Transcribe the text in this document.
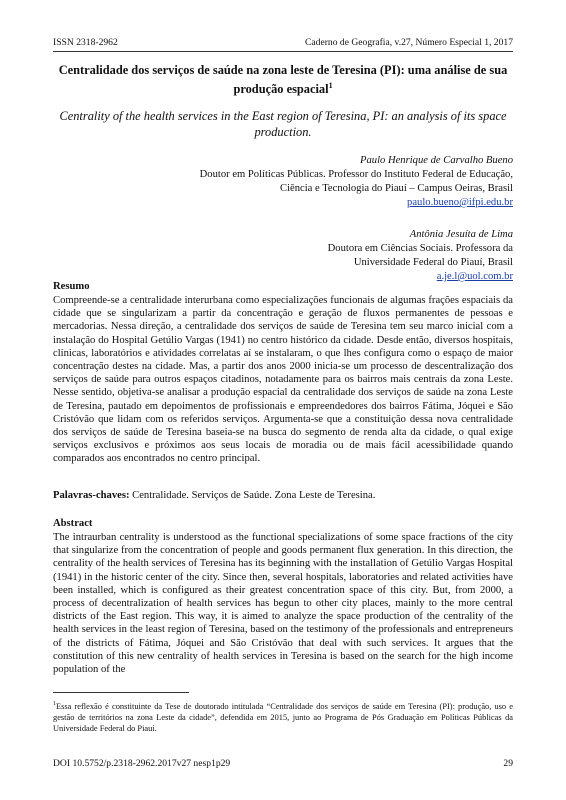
ISSN 2318-2962	Caderno de Geografia, v.27, Número Especial 1, 2017
Centralidade dos serviços de saúde na zona leste de Teresina (PI): uma análise de sua produção espacial$^1$
Centrality of the health services in the East region of Teresina, PI: an analysis of its space production.
Paulo Henrique de Carvalho Bueno
Doutor em Políticas Públicas. Professor do Instituto Federal de Educação,
Ciência e Tecnologia do Piauí – Campus Oeiras, Brasil
paulo.bueno@ifpi.edu.br
Antônia Jesuíta de Lima
Doutora em Ciências Sociais. Professora da
Universidade Federal do Piauí, Brasil
a.je.l@uol.com.br
Resumo
Compreende-se a centralidade interurbana como especializações funcionais de algumas frações espaciais da cidade que se singularizam a partir da concentração e geração de fluxos permanentes de pessoas e mercadorias. Nessa direção, a centralidade dos serviços de saúde de Teresina tem seu marco inicial com a instalação do Hospital Getúlio Vargas (1941) no centro histórico da cidade. Desde então, diversos hospitais, clínicas, laboratórios e atividades correlatas aí se instalaram, o que lhes configura como o espaço de maior concentração destes na cidade. Mas, a partir dos anos 2000 inicia-se um processo de descentralização dos serviços de saúde para outros espaços citadinos, notadamente para os bairros mais centrais da zona Leste. Nesse sentido, objetiva-se analisar a produção espacial da centralidade dos serviços de saúde na zona Leste de Teresina, pautado em depoimentos de profissionais e empreendedores dos bairros Fátima, Jóquei e São Cristóvão que lidam com os referidos serviços. Argumenta-se que a constituição dessa nova centralidade dos serviços de saúde de Teresina baseia-se na busca do segmento de renda alta da cidade, o qual exige serviços exclusivos e próximos aos seus locais de moradia ou de mais fácil acessibilidade quando comparados aos encontrados no centro principal.
Palavras-chaves: Centralidade. Serviços de Saúde. Zona Leste de Teresina.
Abstract
The intraurban centrality is understood as the functional specializations of some space fractions of the city that singularize from the concentration of people and goods permanent flux generation. In this direction, the centrality of the health services of Teresina has its beginning with the installation of Getúlio Vargas Hospital (1941) in the historic center of the city. Since then, several hospitals, laboratories and related activities have been installed, which is configured as their greatest concentration space of this city. But, from 2000, a process of decentralization of health services has begun to other city places, mainly to the more central districts of the East region. This way, it is aimed to analyze the space production of the centrality of the health services in the least region of Teresina, based on the testimony of the professionals and entrepreneurs of the districts of Fátima, Jóquei and São Cristóvão that deal with such services. It argues that the constitution of this new centrality of health services in Teresina is based on the search for the high income population of the
$^1$Essa reflexão é constituinte da Tese de doutorado intitulada “Centralidade dos serviços de saúde em Teresina (PI): produção, uso e gestão de territórios na zona Leste da cidade”, defendida em 2015, junto ao Programa de Pós Graduação em Políticas Públicas da Universidade Federal do Piauí.
DOI 10.5752/p.2318-2962.2017v27 nesp1p29	29
